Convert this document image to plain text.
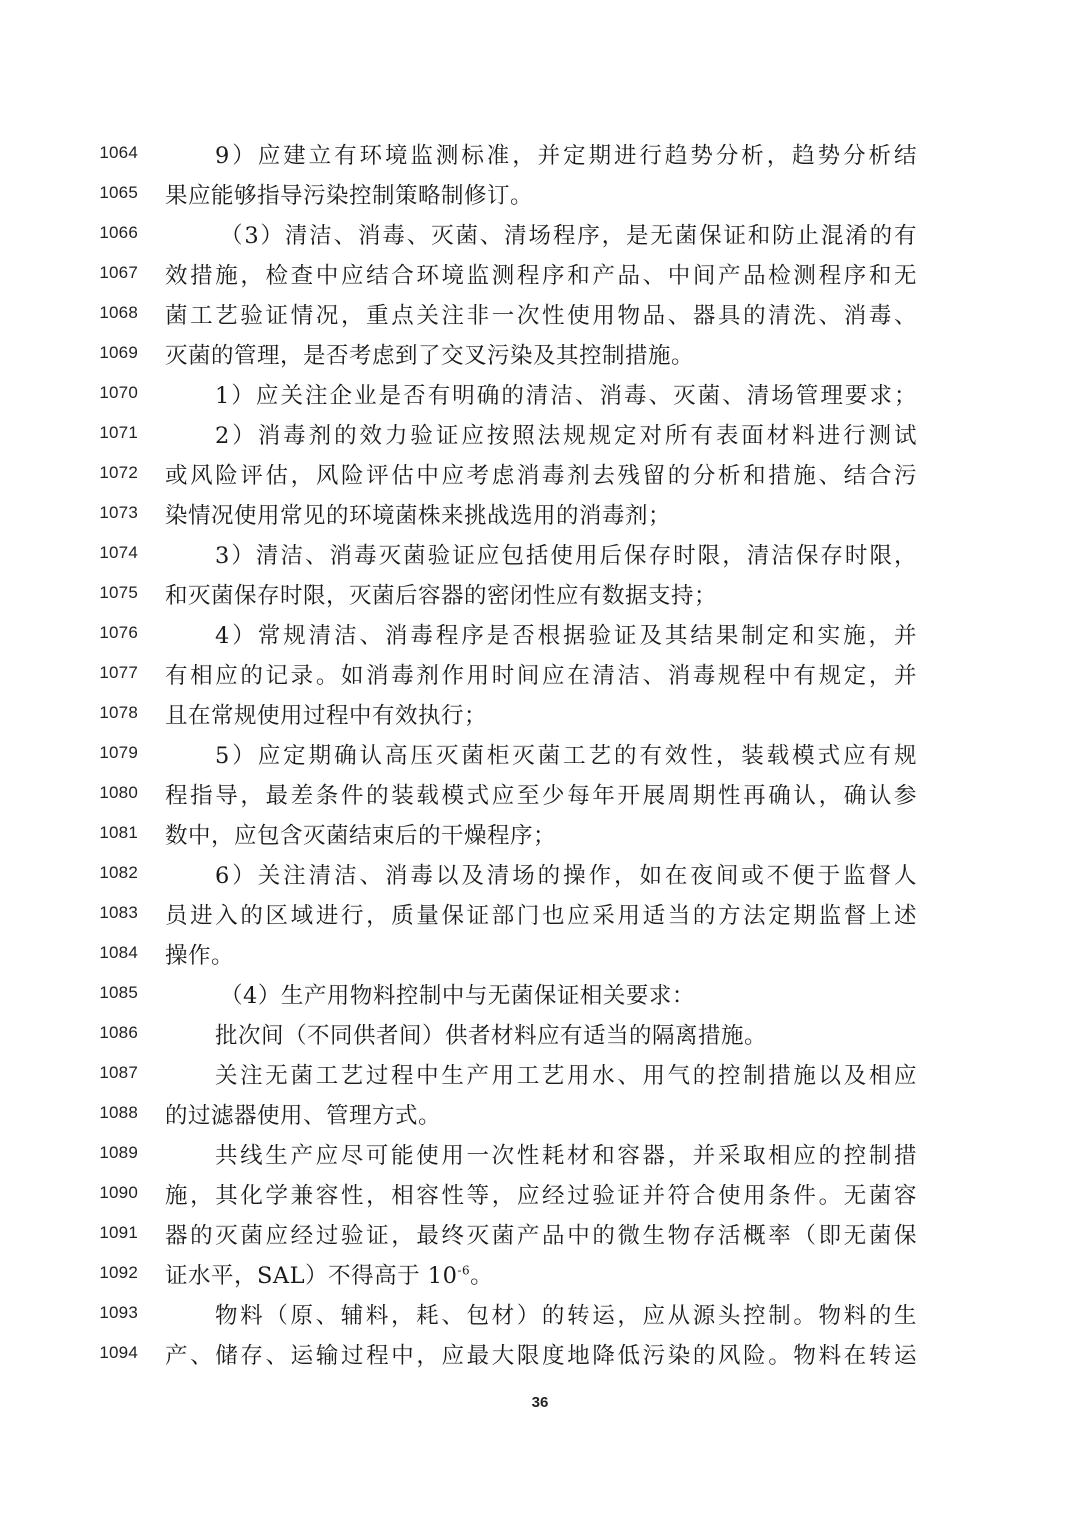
1064	9）应建立有环境监测标准，并定期进行趋势分析，趋势分析结
1065 果应能够指导污染控制策略制修订。
1066	（3）清洁、消毒、灭菌、清场程序，是无菌保证和防止混淆的有
1067 效措施，检查中应结合环境监测程序和产品、中间产品检测程序和无
1068 菌工艺验证情况，重点关注非一次性使用物品、器具的清洗、消毒、
1069 灭菌的管理，是否考虑到了交叉污染及其控制措施。
1070	1）应关注企业是否有明确的清洁、消毒、灭菌、清场管理要求；
1071	2）消毒剂的效力验证应按照法规规定对所有表面材料进行测试
1072 或风险评估，风险评估中应考虑消毒剂去残留的分析和措施、结合污
1073 染情况使用常见的环境菌株来挑战选用的消毒剂；
1074	3）清洁、消毒灭菌验证应包括使用后保存时限，清洁保存时限，
1075 和灭菌保存时限，灭菌后容器的密闭性应有数据支持；
1076	4）常规清洁、消毒程序是否根据验证及其结果制定和实施，并
1077 有相应的记录。如消毒剂作用时间应在清洁、消毒规程中有规定，并
1078 且在常规使用过程中有效执行；
1079	5）应定期确认高压灭菌柜灭菌工艺的有效性，装载模式应有规
1080 程指导，最差条件的装载模式应至少每年开展周期性再确认，确认参
1081 数中，应包含灭菌结束后的干燥程序；
1082	6）关注清洁、消毒以及清场的操作，如在夜间或不便于监督人
1083 员进入的区域进行，质量保证部门也应采用适当的方法定期监督上述
1084 操作。
1085	（4）生产用物料控制中与无菌保证相关要求：
1086	批次间（不同供者间）供者材料应有适当的隔离措施。
1087	关注无菌工艺过程中生产用工艺用水、用气的控制措施以及相应
1088 的过滤器使用、管理方式。
1089	共线生产应尽可能使用一次性耗材和容器，并采取相应的控制措
1090 施，其化学兼容性，相容性等，应经过验证并符合使用条件。无菌容
1091 器的灭菌应经过验证，最终灭菌产品中的微生物存活概率（即无菌保
1092 证水平，SAL）不得高于 $10^{-6}$。
1093	物料（原、辅料，耗、包材）的转运，应从源头控制。物料的生
1094 产、储存、运输过程中，应最大限度地降低污染的风险。物料在转运
36
